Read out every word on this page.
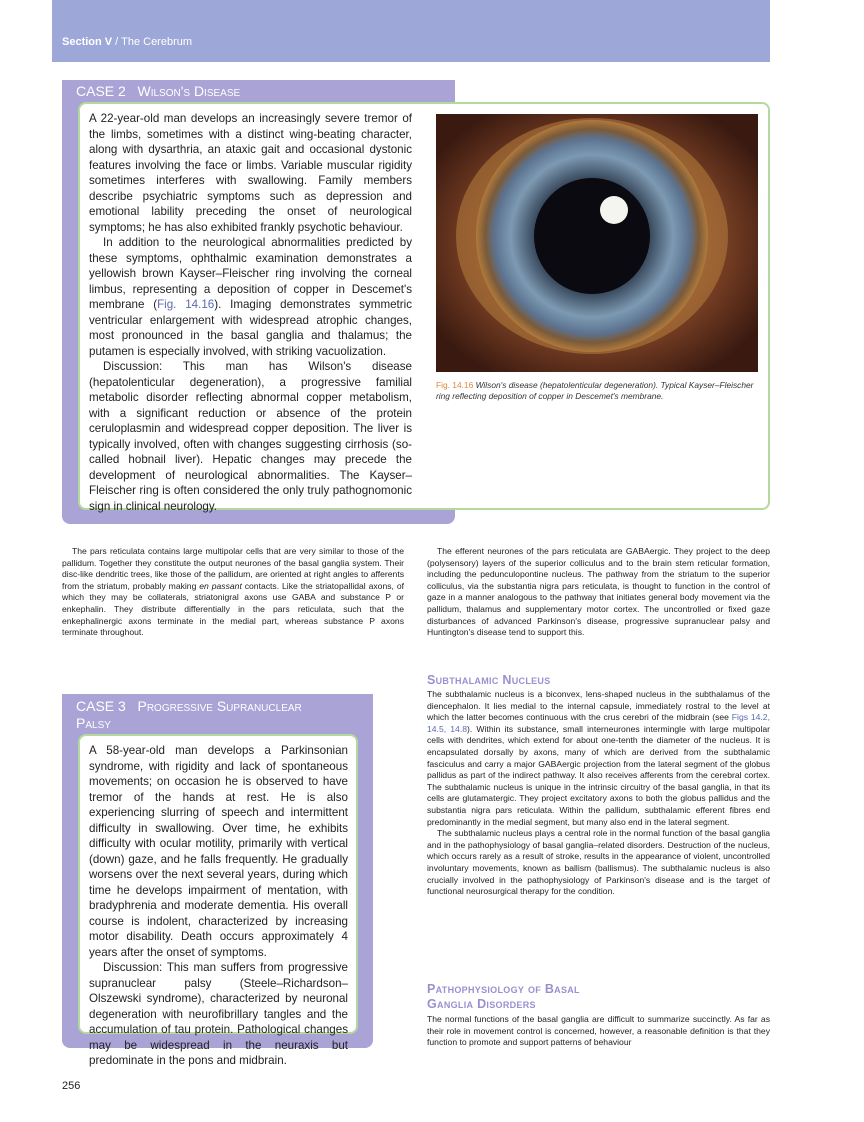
Section V / The Cerebrum
CASE 2 Wilson's Disease

A 22-year-old man develops an increasingly severe tremor of the limbs, sometimes with a distinct wing-beating character, along with dysarthria, an ataxic gait and occasional dystonic features involving the face or limbs. Variable muscular rigidity sometimes interferes with swallowing. Family members describe psychiatric symptoms such as depression and emotional lability preceding the onset of neurological symptoms; he has also exhibited frankly psychotic behaviour.

In addition to the neurological abnormalities predicted by these symptoms, ophthalmic examination demonstrates a yellowish brown Kayser–Fleischer ring involving the corneal limbus, representing a deposition of copper in Descemet's membrane (Fig. 14.16). Imaging demonstrates symmetric ventricular enlargement with widespread atrophic changes, most pronounced in the basal ganglia and thalamus; the putamen is especially involved, with striking vacuolization.

Discussion: This man has Wilson's disease (hepatolenticular degeneration), a progressive familial metabolic disorder reflecting abnormal copper metabolism, with a significant reduction or absence of the protein ceruloplasmin and widespread copper deposition. The liver is typically involved, often with changes suggesting cirrhosis (so-called hobnail liver). Hepatic changes may precede the development of neurological abnormalities. The Kayser–Fleischer ring is often considered the only truly pathognomonic sign in clinical neurology.

Fig. 14.16 Wilson's disease (hepatolenticular degeneration). Typical Kayser–Fleischer ring reflecting deposition of copper in Descemet's membrane.

The pars reticulata contains large multipolar cells that are very similar to those of the pallidum. Together they constitute the output neurones of the basal ganglia system. Their disc-like dendritic trees, like those of the pallidum, are oriented at right angles to afferents from the striatum, probably making en passant contacts. Like the striatopallidal axons, of which they may be collaterals, striatonigral axons use GABA and substance P or enkephalin. They distribute differentially in the pars reticulata, such that the enkephalinergic axons terminate in the medial part, whereas substance P axons terminate throughout.

The efferent neurones of the pars reticulata are GABAergic. They project to the deep (polysensory) layers of the superior colliculus and to the brain stem reticular formation, including the pedunculopontine nucleus. The pathway from the striatum to the superior colliculus, via the substantia nigra pars reticulata, is thought to function in the control of gaze in a manner analogous to the pathway that initiates general body movement via the pallidum, thalamus and supplementary motor cortex. The uncontrolled or fixed gaze disturbances of advanced Parkinson's disease, progressive supranuclear palsy and Huntington's disease tend to support this.

Subthalamic Nucleus

The subthalamic nucleus is a biconvex, lens-shaped nucleus in the subthalamus of the diencephalon. It lies medial to the internal capsule, immediately rostral to the level at which the latter becomes continuous with the crus cerebri of the midbrain (see Figs 14.2, 14.5, 14.8). Within its substance, small interneurones intermingle with large multipolar cells with dendrites, which extend for about one-tenth the diameter of the nucleus. It is encapsulated dorsally by axons, many of which are derived from the subthalamic fasciculus and carry a major GABAergic projection from the lateral segment of the globus pallidus as part of the indirect pathway. It also receives afferents from the cerebral cortex. The subthalamic nucleus is unique in the intrinsic circuitry of the basal ganglia, in that its cells are glutamatergic. They project excitatory axons to both the globus pallidus and the substantia nigra pars reticulata. Within the pallidum, subthalamic efferent fibres end predominantly in the medial segment, but many also end in the lateral segment.

The subthalamic nucleus plays a central role in the normal function of the basal ganglia and in the pathophysiology of basal ganglia–related disorders. Destruction of the nucleus, which occurs rarely as a result of stroke, results in the appearance of violent, uncontrolled involuntary movements, known as ballism (ballismus). The subthalamic nucleus is also crucially involved in the pathophysiology of Parkinson's disease and is the target of functional neurosurgical therapy for the condition.

Pathophysiology of Basal
Ganglia Disorders

The normal functions of the basal ganglia are difficult to summarize succinctly. As far as their role in movement control is concerned, however, a reasonable definition is that they function to promote and support patterns of behaviour

CASE 3 Progressive Supranuclear
Palsy

A 58-year-old man develops a Parkinsonian syndrome, with rigidity and lack of spontaneous movements; on occasion he is observed to have tremor of the hands at rest. He is also experiencing slurring of speech and intermittent difficulty in swallowing. Over time, he exhibits difficulty with ocular motility, primarily with vertical (down) gaze, and he falls frequently. He gradually worsens over the next several years, during which time he develops impairment of mentation, with bradyphrenia and moderate dementia. His overall course is indolent, characterized by increasing motor disability. Death occurs approximately 4 years after the onset of symptoms.

Discussion: This man suffers from progressive supranuclear palsy (Steele–Richardson–Olszewski syndrome), characterized by neuronal degeneration with neurofibrillary tangles and the accumulation of tau protein. Pathological changes may be widespread in the neuraxis but predominate in the pons and midbrain.

256
